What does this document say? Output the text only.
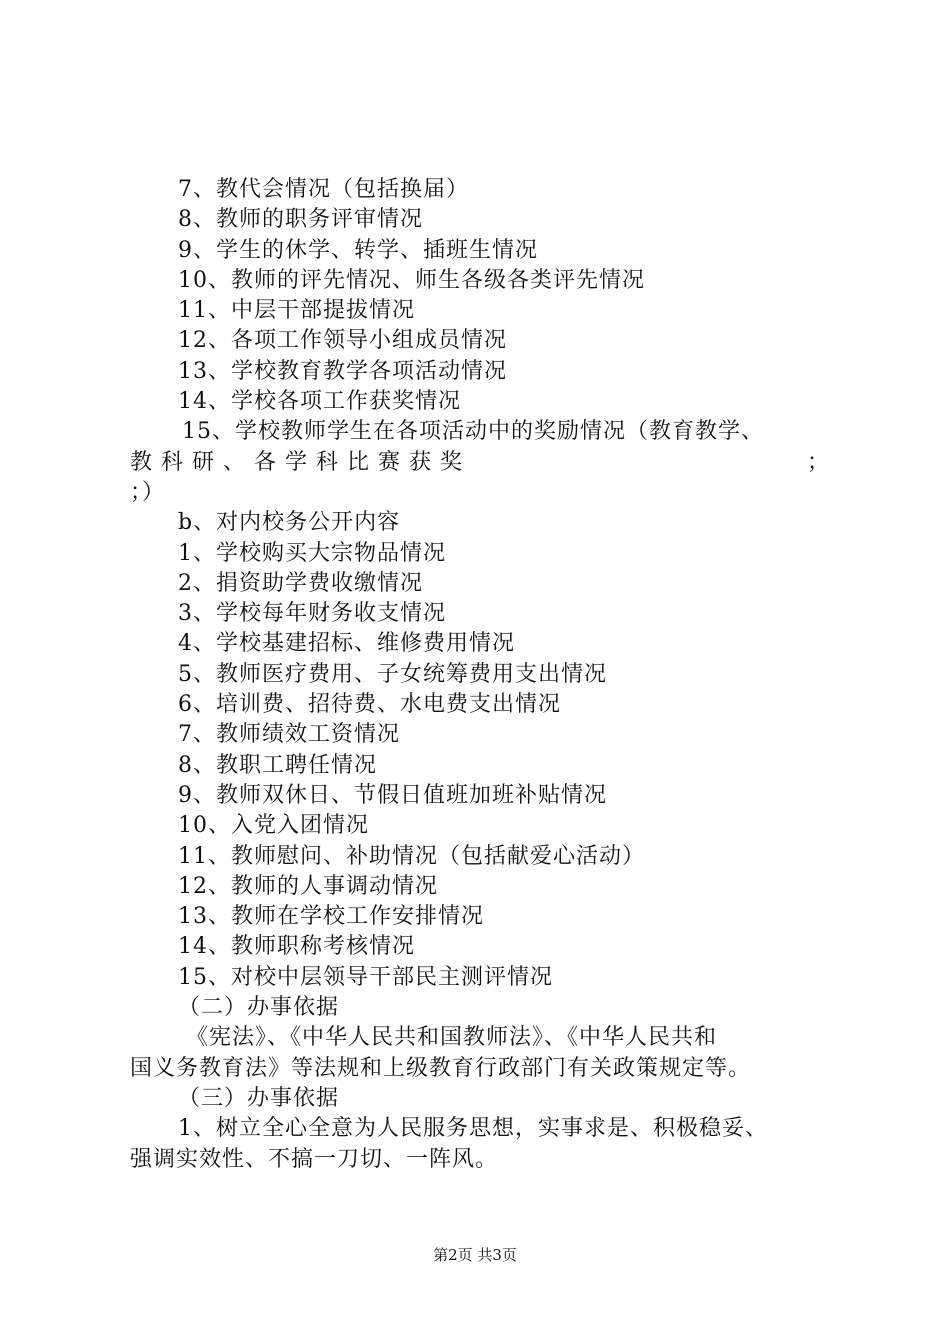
7、教代会情况（包括换届）
8、教师的职务评审情况
9、学生的休学、转学、插班生情况
10、教师的评先情况、师生各级各类评先情况
11、中层干部提拔情况
12、各项工作领导小组成员情况
13、学校教育教学各项活动情况
14、学校各项工作获奖情况
15、学校教师学生在各项活动中的奖励情况（教育教学、
教科研、各学科比赛获奖	；
；）
b、对内校务公开内容
1、学校购买大宗物品情况
2、捐资助学费收缴情况
3、学校每年财务收支情况
4、学校基建招标、维修费用情况
5、教师医疗费用、子女统筹费用支出情况
6、培训费、招待费、水电费支出情况
7、教师绩效工资情况
8、教职工聘任情况
9、教师双休日、节假日值班加班补贴情况
10、入党入团情况
11、教师慰问、补助情况（包括献爱心活动）
12、教师的人事调动情况
13、教师在学校工作安排情况
14、教师职称考核情况
15、对校中层领导干部民主测评情况
（二）办事依据
《宪法》、《中华人民共和国教师法》、《中华人民共和
国义务教育法》等法规和上级教育行政部门有关政策规定等。
（三）办事依据
1、树立全心全意为人民服务思想，实事求是、积极稳妥、
强调实效性、不搞一刀切、一阵风。
第2页 共3页
